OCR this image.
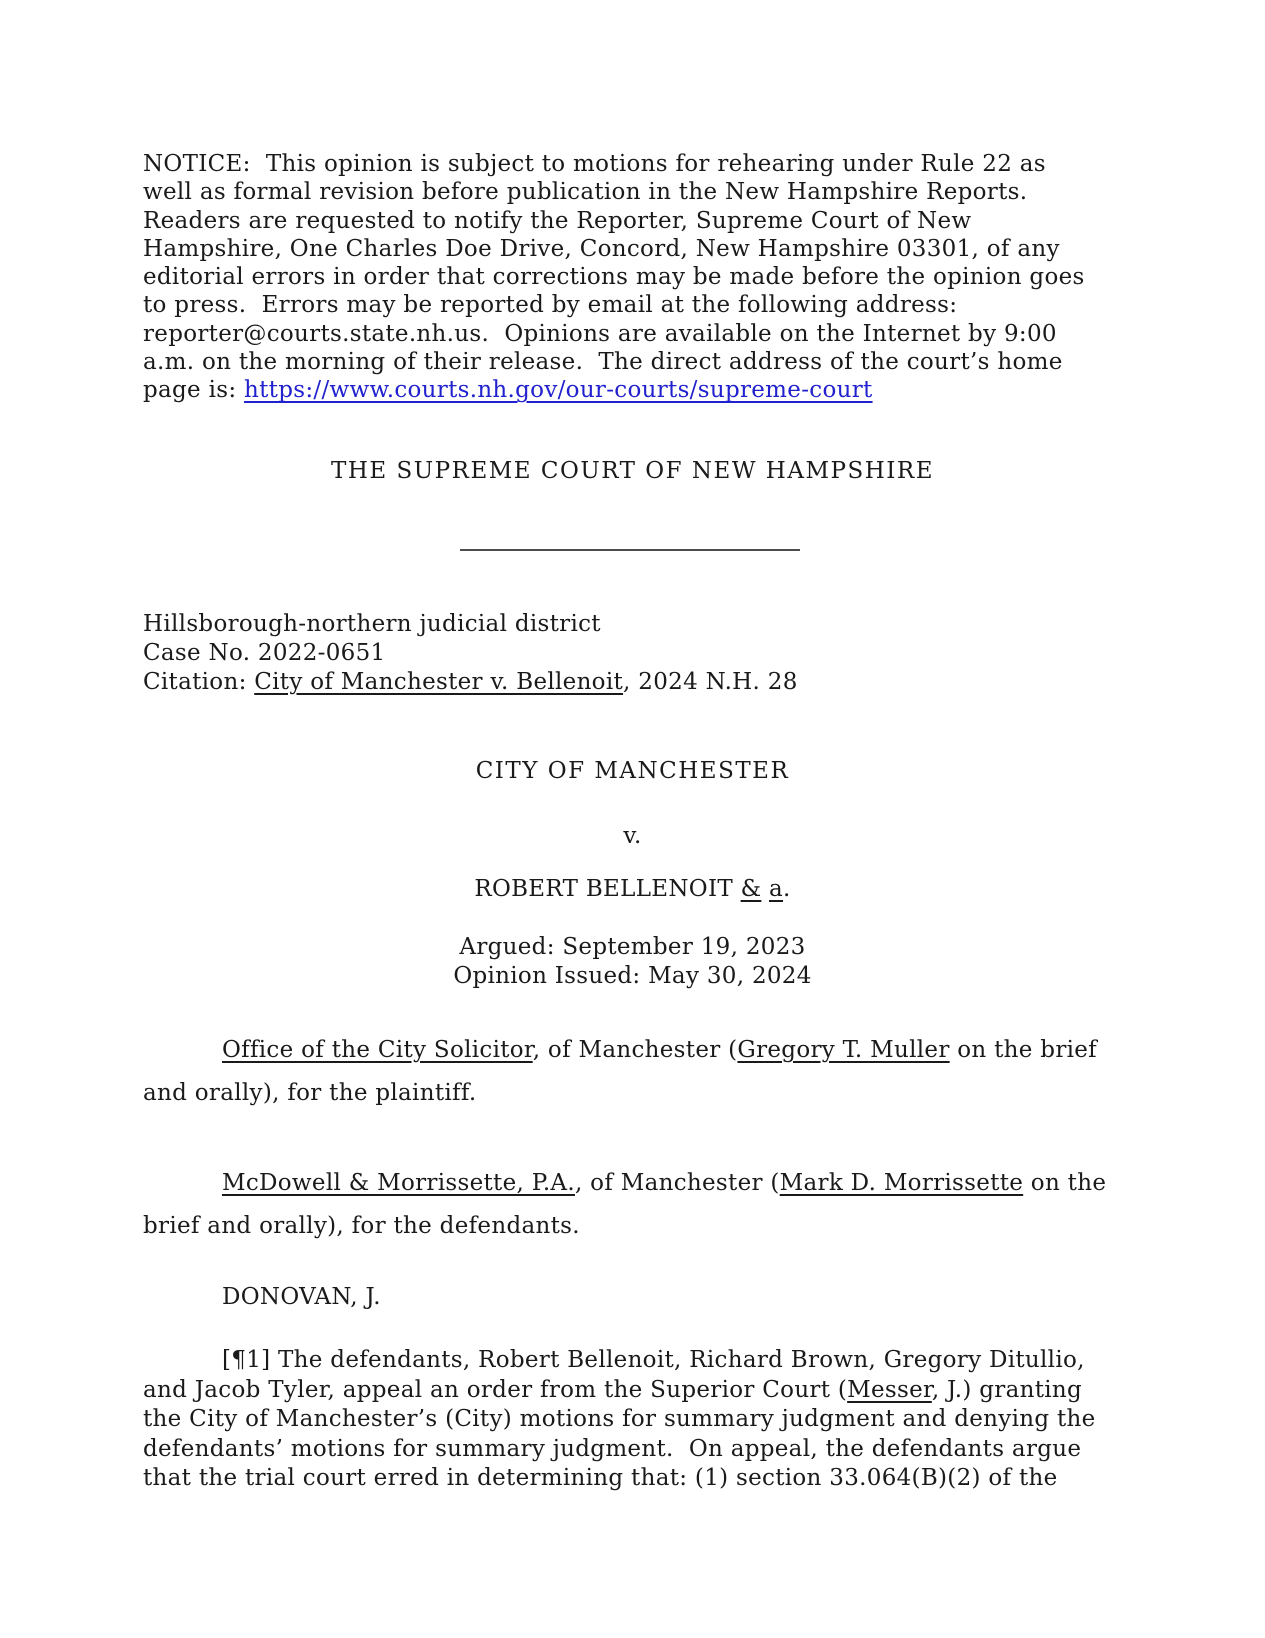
NOTICE:  This opinion is subject to motions for rehearing under Rule 22 as
well as formal revision before publication in the New Hampshire Reports.
Readers are requested to notify the Reporter, Supreme Court of New
Hampshire, One Charles Doe Drive, Concord, New Hampshire 03301, of any
editorial errors in order that corrections may be made before the opinion goes
to press.  Errors may be reported by email at the following address:
reporter@courts.state.nh.us.  Opinions are available on the Internet by 9:00
a.m. on the morning of their release.  The direct address of the court’s home
page is: https://www.courts.nh.gov/our-courts/supreme-court
THE SUPREME COURT OF NEW HAMPSHIRE
Hillsborough-northern judicial district
Case No. 2022-0651
Citation: City of Manchester v. Bellenoit, 2024 N.H. 28
CITY OF MANCHESTER
v.
ROBERT BELLENOIT & a.
Argued: September 19, 2023
Opinion Issued: May 30, 2024
Office of the City Solicitor, of Manchester (Gregory T. Muller on the brief
and orally), for the plaintiff.
McDowell & Morrissette, P.A., of Manchester (Mark D. Morrissette on the
brief and orally), for the defendants.
DONOVAN, J.
[¶1] The defendants, Robert Bellenoit, Richard Brown, Gregory Ditullio,
and Jacob Tyler, appeal an order from the Superior Court (Messer, J.) granting
the City of Manchester’s (City) motions for summary judgment and denying the
defendants’ motions for summary judgment.  On appeal, the defendants argue
that the trial court erred in determining that: (1) section 33.064(B)(2) of the
